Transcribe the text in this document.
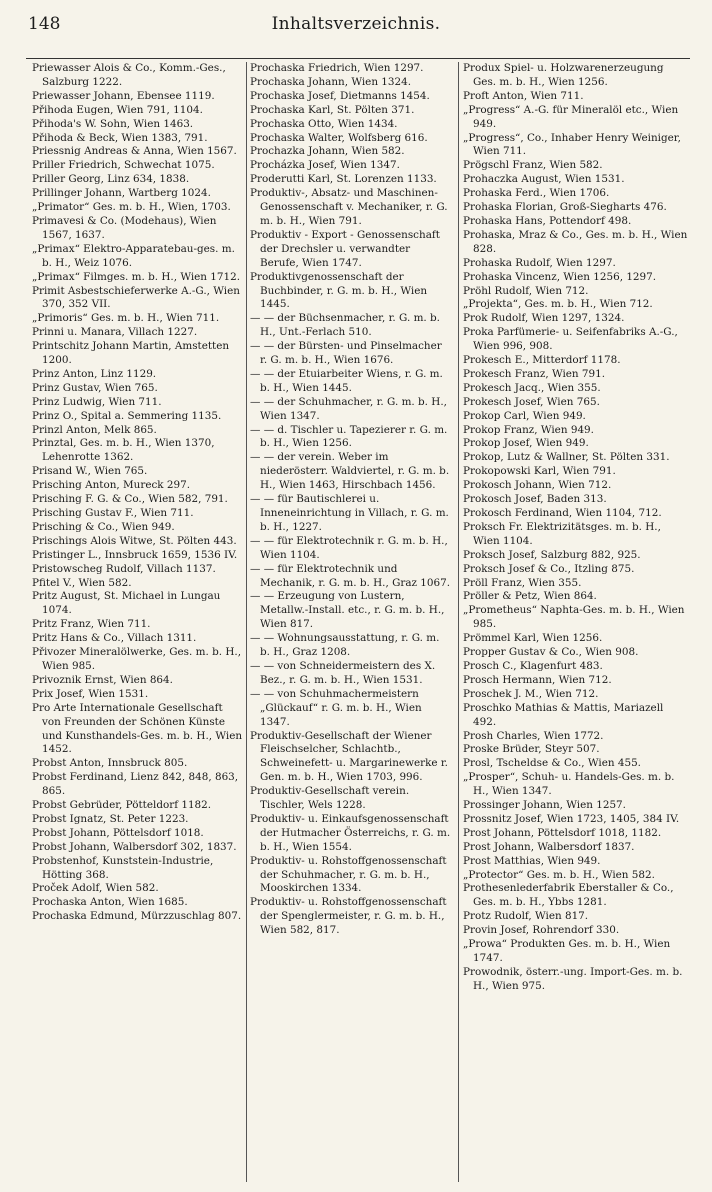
148	Inhaltsverzeichnis.

Priewasser Alois & Co., Komm.-Ges., Salzburg 1222.

Priewasser Johann, Ebensee 1119.

Přihoda Eugen, Wien 791, 1104.

Přihoda's W. Sohn, Wien 1463.

Přihoda & Beck, Wien 1383, 791.

Priessnig Andreas & Anna, Wien 1567.

Priller Friedrich, Schwechat 1075.

Priller Georg, Linz 634, 1838.

Prillinger Johann, Wartberg 1024.

„Primator“ Ges. m. b. H., Wien, 1703.

Primavesi & Co. (Modehaus), Wien 1567, 1637.

„Primax“ Elektro-Apparatebau-ges. m. b. H., Weiz 1076.

„Primax“ Filmges. m. b. H., Wien 1712.

Primit Asbestschieferwerke A.-G., Wien 370, 352 VII.

„Primoris“ Ges. m. b. H., Wien 711.

Prinni u. Manara, Villach 1227.

Printschitz Johann Martin, Amstetten 1200.

Prinz Anton, Linz 1129.

Prinz Gustav, Wien 765.

Prinz Ludwig, Wien 711.

Prinz O., Spital a. Semmering 1135.

Prinzl Anton, Melk 865.

Prinztal, Ges. m. b. H., Wien 1370, Lehenrotte 1362.

Prisand W., Wien 765.

Prisching Anton, Mureck 297.

Prisching F. G. & Co., Wien 582, 791.

Prisching Gustav F., Wien 711.

Prisching & Co., Wien 949.

Prischings Alois Witwe, St. Pölten 443.

Pristinger L., Innsbruck 1659, 1536 IV.

Pristowscheg Rudolf, Villach 1137.

Pfitel V., Wien 582.

Pritz August, St. Michael in Lungau 1074.

Pritz Franz, Wien 711.

Pritz Hans & Co., Villach 1311.

Přivozer Mineralölwerke, Ges. m. b. H., Wien 985.

Privoznik Ernst, Wien 864.

Prix Josef, Wien 1531.

Pro Arte Internationale Gesellschaft von Freunden der Schönen Künste und Kunsthandels-Ges. m. b. H., Wien 1452.

Probst Anton, Innsbruck 805.

Probst Ferdinand, Lienz 842, 848, 863, 865.

Probst Gebrüder, Pötteldorf 1182.

Probst Ignatz, St. Peter 1223.

Probst Johann, Pöttelsdorf 1018.

Probst Johann, Walbersdorf 302, 1837.

Probstenhof, Kunststein-Industrie, Hötting 368.

Proček Adolf, Wien 582.

Prochaska Anton, Wien 1685.

Prochaska Edmund, Mürzzuschlag 807.

Prochaska Friedrich, Wien 1297.

Prochaska Johann, Wien 1324.

Prochaska Josef, Dietmanns 1454.

Prochaska Karl, St. Pölten 371.

Prochaska Otto, Wien 1434.

Prochaska Walter, Wolfsberg 616.

Prochazka Johann, Wien 582.

Procházka Josef, Wien 1347.

Proderutti Karl, St. Lorenzen 1133.

Produktiv-, Absatz- und Maschinen-Genossenschaft v. Mechaniker, r. G. m. b. H., Wien 791.

Produktiv - Export - Genossenschaft der Drechsler u. verwandter Berufe, Wien 1747.

Produktivgenossenschaft der Buchbinder, r. G. m. b. H., Wien 1445.

— — der Büchsenmacher, r. G. m. b. H., Unt.-Ferlach 510.

— — der Bürsten- und Pinselmacher r. G. m. b. H., Wien 1676.

— — der Etuiarbeiter Wiens, r. G. m. b. H., Wien 1445.

— — der Schuhmacher, r. G. m. b. H., Wien 1347.

— — d. Tischler u. Tapezierer r. G. m. b. H., Wien 1256.

— — der verein. Weber im niederösterr. Waldviertel, r. G. m. b. H., Wien 1463, Hirschbach 1456.

— — für Bautischlerei u. Inneneinrichtung in Villach, r. G. m. b. H., 1227.

— — für Elektrotechnik r. G. m. b. H., Wien 1104.

— — für Elektrotechnik und Mechanik, r. G. m. b. H., Graz 1067.

— — Erzeugung von Lustern, Metallw.-Install. etc., r. G. m. b. H., Wien 817.

— — Wohnungsausstattung, r. G. m. b. H., Graz 1208.

— — von Schneidermeistern des X. Bez., r. G. m. b. H., Wien 1531.

— — von Schuhmachermeistern „Glückauf“ r. G. m. b. H., Wien 1347.

Produktiv-Gesellschaft der Wiener Fleischselcher, Schlachtb., Schweinefett- u. Margarinewerke r. Gen. m. b. H., Wien 1703, 996.

Produktiv-Gesellschaft verein. Tischler, Wels 1228.

Produktiv- u. Einkaufsgenossenschaft der Hutmacher Österreichs, r. G. m. b. H., Wien 1554.

Produktiv- u. Rohstoffgenossenschaft der Schuhmacher, r. G. m. b. H., Mooskirchen 1334.

Produktiv- u. Rohstoffgenossenschaft der Spenglermeister, r. G. m. b. H., Wien 582, 817.

Produx Spiel- u. Holzwarenerzeugung Ges. m. b. H., Wien 1256.

Proft Anton, Wien 711.

„Progress“ A.-G. für Mineralöl etc., Wien 949.

„Progress“, Co., Inhaber Henry Weiniger, Wien 711.

Prögschl Franz, Wien 582.

Prohaczka August, Wien 1531.

Prohaska Ferd., Wien 1706.

Prohaska Florian, Groß-Siegharts 476.

Prohaska Hans, Pottendorf 498.

Prohaska, Mraz & Co., Ges. m. b. H., Wien 828.

Prohaska Rudolf, Wien 1297.

Prohaska Vincenz, Wien 1256, 1297.

Pröhl Rudolf, Wien 712.

„Projekta“, Ges. m. b. H., Wien 712.

Prok Rudolf, Wien 1297, 1324.

Proka Parfümerie- u. Seifenfabriks A.-G., Wien 996, 908.

Prokesch E., Mitterdorf 1178.

Prokesch Franz, Wien 791.

Prokesch Jacq., Wien 355.

Prokesch Josef, Wien 765.

Prokop Carl, Wien 949.

Prokop Franz, Wien 949.

Prokop Josef, Wien 949.

Prokop, Lutz & Wallner, St. Pölten 331.

Prokopowski Karl, Wien 791.

Prokosch Johann, Wien 712.

Prokosch Josef, Baden 313.

Prokosch Ferdinand, Wien 1104, 712.

Proksch Fr. Elektrizitätsges. m. b. H., Wien 1104.

Proksch Josef, Salzburg 882, 925.

Proksch Josef & Co., Itzling 875.

Pröll Franz, Wien 355.

Pröller & Petz, Wien 864.

„Prometheus“ Naphta-Ges. m. b. H., Wien 985.

Prömmel Karl, Wien 1256.

Propper Gustav & Co., Wien 908.

Prosch C., Klagenfurt 483.

Prosch Hermann, Wien 712.

Proschek J. M., Wien 712.

Proschko Mathias & Mattis, Mariazell 492.

Prosh Charles, Wien 1772.

Proske Brüder, Steyr 507.

Prosl, Tscheldse & Co., Wien 455.

„Prosper“, Schuh- u. Handels-Ges. m. b. H., Wien 1347.

Prossinger Johann, Wien 1257.

Prossnitz Josef, Wien 1723, 1405, 384 IV.

Prost Johann, Pöttelsdorf 1018, 1182.

Prost Johann, Walbersdorf 1837.

Prost Matthias, Wien 949.

„Protector“ Ges. m. b. H., Wien 582.

Prothesenlederfabrik Eberstaller & Co., Ges. m. b. H., Ybbs 1281.

Protz Rudolf, Wien 817.

Provin Josef, Rohrendorf 330.

„Prowa“ Produkten Ges. m. b. H., Wien 1747.

Prowodnik, österr.-ung. Import-Ges. m. b. H., Wien 975.
